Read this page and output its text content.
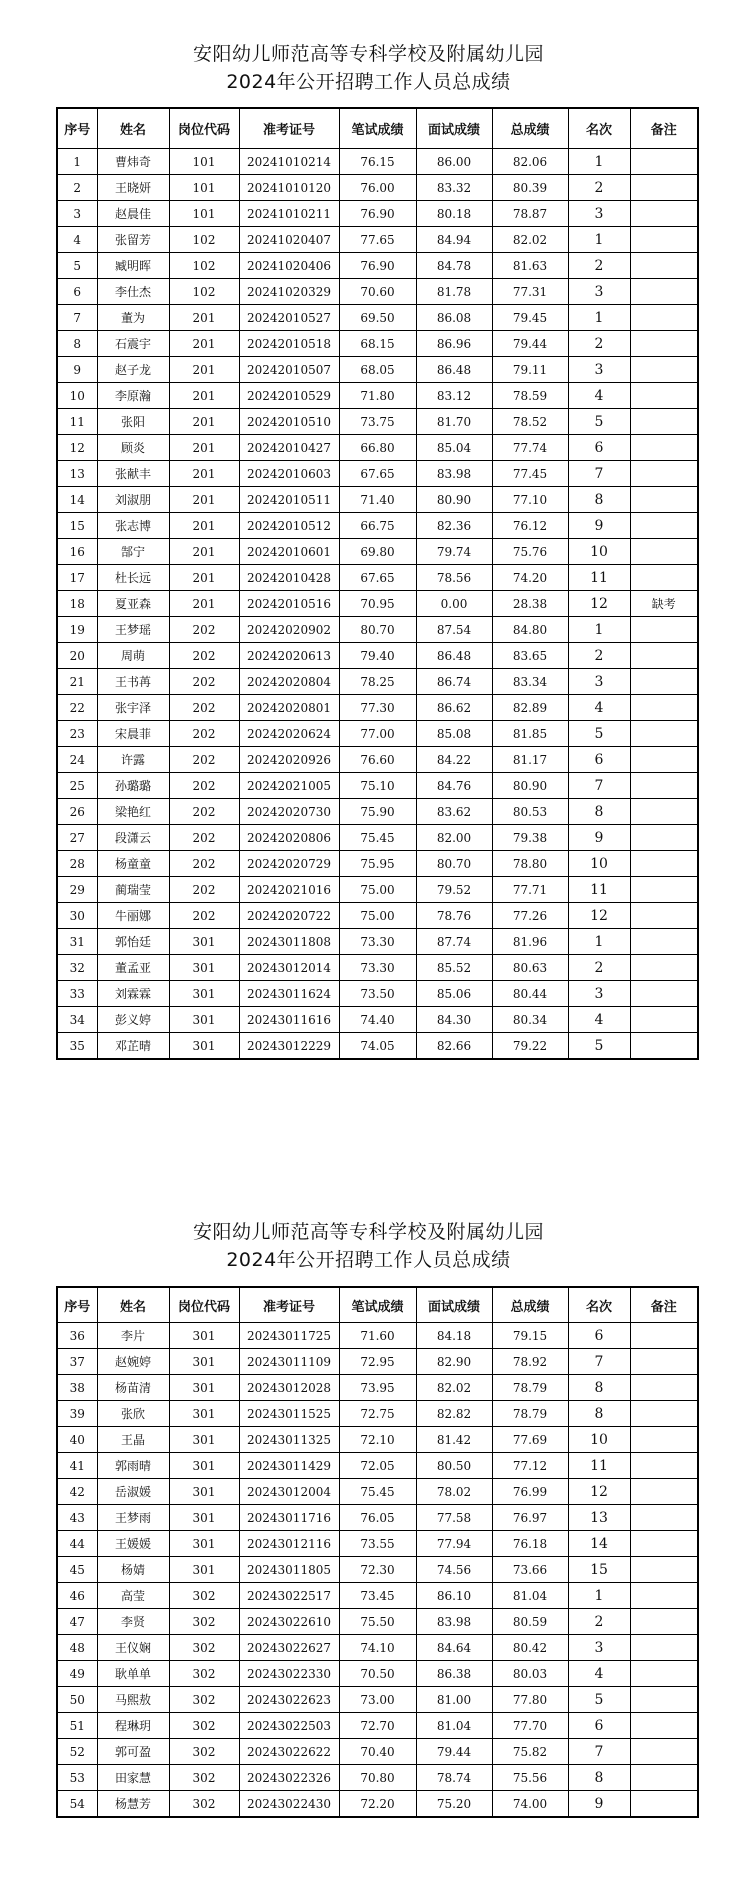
安阳幼儿师范高等专科学校及附属幼儿园
2024年公开招聘工作人员总成绩
序号	姓名	岗位代码	准考证号	笔试成绩	面试成绩	总成绩	名次	备注
1	曹炜奇	101	20241010214	76.15	86.00	82.06	1	
2	王晓妍	101	20241010120	76.00	83.32	80.39	2	
3	赵晨佳	101	20241010211	76.90	80.18	78.87	3	
4	张留芳	102	20241020407	77.65	84.94	82.02	1	
5	臧明晖	102	20241020406	76.90	84.78	81.63	2	
6	李仕杰	102	20241020329	70.60	81.78	77.31	3	
7	董为	201	20242010527	69.50	86.08	79.45	1	
8	石震宇	201	20242010518	68.15	86.96	79.44	2	
9	赵子龙	201	20242010507	68.05	86.48	79.11	3	
10	李原瀚	201	20242010529	71.80	83.12	78.59	4	
11	张阳	201	20242010510	73.75	81.70	78.52	5	
12	顾炎	201	20242010427	66.80	85.04	77.74	6	
13	张献丰	201	20242010603	67.65	83.98	77.45	7	
14	刘淑朋	201	20242010511	71.40	80.90	77.10	8	
15	张志博	201	20242010512	66.75	82.36	76.12	9	
16	郜宁	201	20242010601	69.80	79.74	75.76	10	
17	杜长远	201	20242010428	67.65	78.56	74.20	11	
18	夏亚森	201	20242010516	70.95	0.00	28.38	12	缺考
19	王梦瑶	202	20242020902	80.70	87.54	84.80	1	
20	周萌	202	20242020613	79.40	86.48	83.65	2	
21	王书苒	202	20242020804	78.25	86.74	83.34	3	
22	张宇泽	202	20242020801	77.30	86.62	82.89	4	
23	宋晨菲	202	20242020624	77.00	85.08	81.85	5	
24	许露	202	20242020926	76.60	84.22	81.17	6	
25	孙璐璐	202	20242021005	75.10	84.76	80.90	7	
26	梁艳红	202	20242020730	75.90	83.62	80.53	8	
27	段潇云	202	20242020806	75.45	82.00	79.38	9	
28	杨童童	202	20242020729	75.95	80.70	78.80	10	
29	蔺瑞莹	202	20242021016	75.00	79.52	77.71	11	
30	牛丽娜	202	20242020722	75.00	78.76	77.26	12	
31	郭怡廷	301	20243011808	73.30	87.74	81.96	1	
32	董孟亚	301	20243012014	73.30	85.52	80.63	2	
33	刘霖霖	301	20243011624	73.50	85.06	80.44	3	
34	彭义婷	301	20243011616	74.40	84.30	80.34	4	
35	邓芷晴	301	20243012229	74.05	82.66	79.22	5	
安阳幼儿师范高等专科学校及附属幼儿园
2024年公开招聘工作人员总成绩
序号	姓名	岗位代码	准考证号	笔试成绩	面试成绩	总成绩	名次	备注
36	李片	301	20243011725	71.60	84.18	79.15	6	
37	赵婉婷	301	20243011109	72.95	82.90	78.92	7	
38	杨苗清	301	20243012028	73.95	82.02	78.79	8	
39	张欣	301	20243011525	72.75	82.82	78.79	8	
40	王晶	301	20243011325	72.10	81.42	77.69	10	
41	郭雨晴	301	20243011429	72.05	80.50	77.12	11	
42	岳淑媛	301	20243012004	75.45	78.02	76.99	12	
43	王梦雨	301	20243011716	76.05	77.58	76.97	13	
44	王媛媛	301	20243012116	73.55	77.94	76.18	14	
45	杨婧	301	20243011805	72.30	74.56	73.66	15	
46	高莹	302	20243022517	73.45	86.10	81.04	1	
47	李贤	302	20243022610	75.50	83.98	80.59	2	
48	王仪娴	302	20243022627	74.10	84.64	80.42	3	
49	耿单单	302	20243022330	70.50	86.38	80.03	4	
50	马熙敖	302	20243022623	73.00	81.00	77.80	5	
51	程琳玥	302	20243022503	72.70	81.04	77.70	6	
52	郭可盈	302	20243022622	70.40	79.44	75.82	7	
53	田家慧	302	20243022326	70.80	78.74	75.56	8	
54	杨慧芳	302	20243022430	72.20	75.20	74.00	9	
